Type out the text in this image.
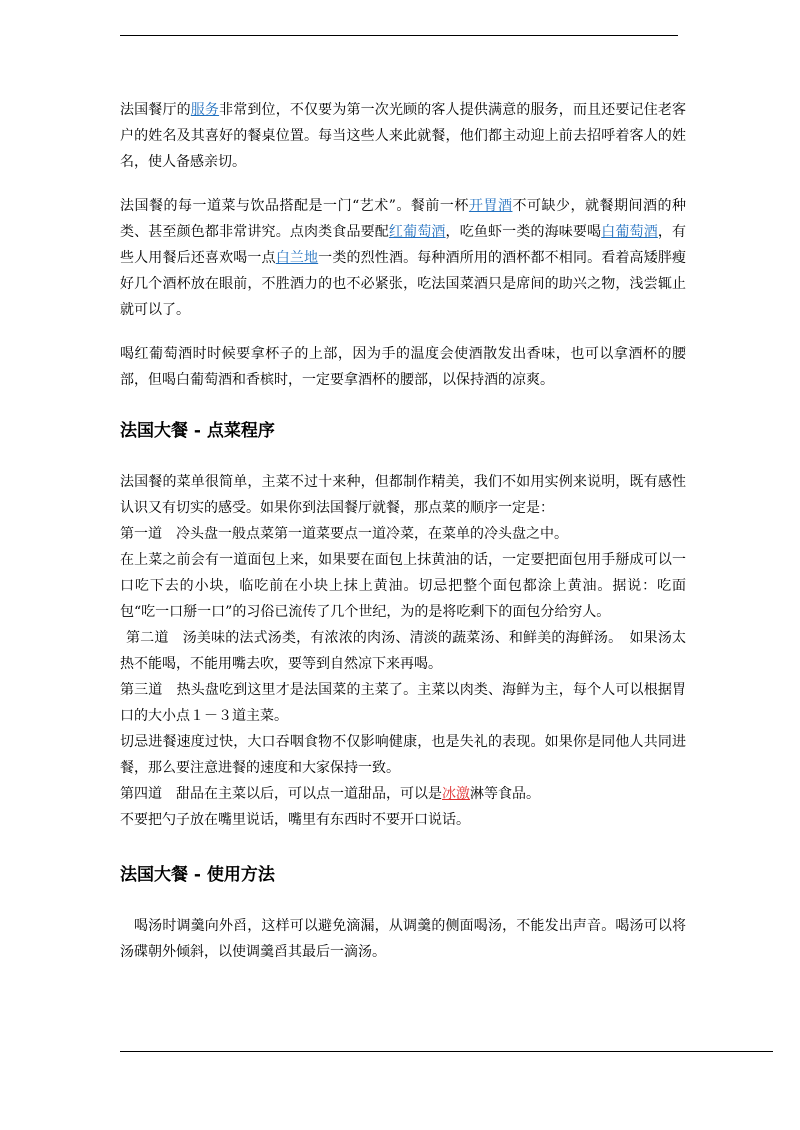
法国餐厅的服务非常到位，不仅要为第一次光顾的客人提供满意的服务，而且还要记住老客户的姓名及其喜好的餐桌位置。每当这些人来此就餐，他们都主动迎上前去招呼着客人的姓名，使人备感亲切。

法国餐的每一道菜与饮品搭配是一门“艺术”。餐前一杯开胃酒不可缺少，就餐期间酒的种类、甚至颜色都非常讲究。点肉类食品要配红葡萄酒，吃鱼虾一类的海味要喝白葡萄酒，有些人用餐后还喜欢喝一点白兰地一类的烈性酒。每种酒所用的酒杯都不相同。看着高矮胖瘦好几个酒杯放在眼前，不胜酒力的也不必紧张，吃法国菜酒只是席间的助兴之物，浅尝辄止就可以了。

喝红葡萄酒时时候要拿杯子的上部，因为手的温度会使酒散发出香味，也可以拿酒杯的腰部，但喝白葡萄酒和香槟时，一定要拿酒杯的腰部，以保持酒的凉爽。

法国大餐 - 点菜程序

法国餐的菜单很简单，主菜不过十来种，但都制作精美，我们不如用实例来说明，既有感性认识又有切实的感受。如果你到法国餐厅就餐，那点菜的顺序一定是：

第一道　冷头盘一般点菜第一道菜要点一道冷菜，在菜单的冷头盘之中。

在上菜之前会有一道面包上来，如果要在面包上抹黄油的话，一定要把面包用手掰成可以一口吃下去的小块，临吃前在小块上抹上黄油。切忌把整个面包都涂上黄油。据说：吃面包“吃一口掰一口”的习俗已流传了几个世纪，为的是将吃剩下的面包分给穷人。

第二道　汤美味的法式汤类，有浓浓的肉汤、清淡的蔬菜汤、和鲜美的海鲜汤。　如果汤太热不能喝，不能用嘴去吹，要等到自然凉下来再喝。

第三道　热头盘吃到这里才是法国菜的主菜了。主菜以肉类、海鲜为主，每个人可以根据胃口的大小点１－３道主菜。

切忌进餐速度过快，大口吞咽食物不仅影响健康，也是失礼的表现。如果你是同他人共同进餐，那么要注意进餐的速度和大家保持一致。

第四道　甜品在主菜以后，可以点一道甜品，可以是冰激淋等食品。

不要把勺子放在嘴里说话，嘴里有东西时不要开口说话。

法国大餐 - 使用方法

喝汤时调羹向外舀，这样可以避免滴漏，从调羹的侧面喝汤，不能发出声音。喝汤可以将汤碟朝外倾斜，以使调羹舀其最后一滴汤。
